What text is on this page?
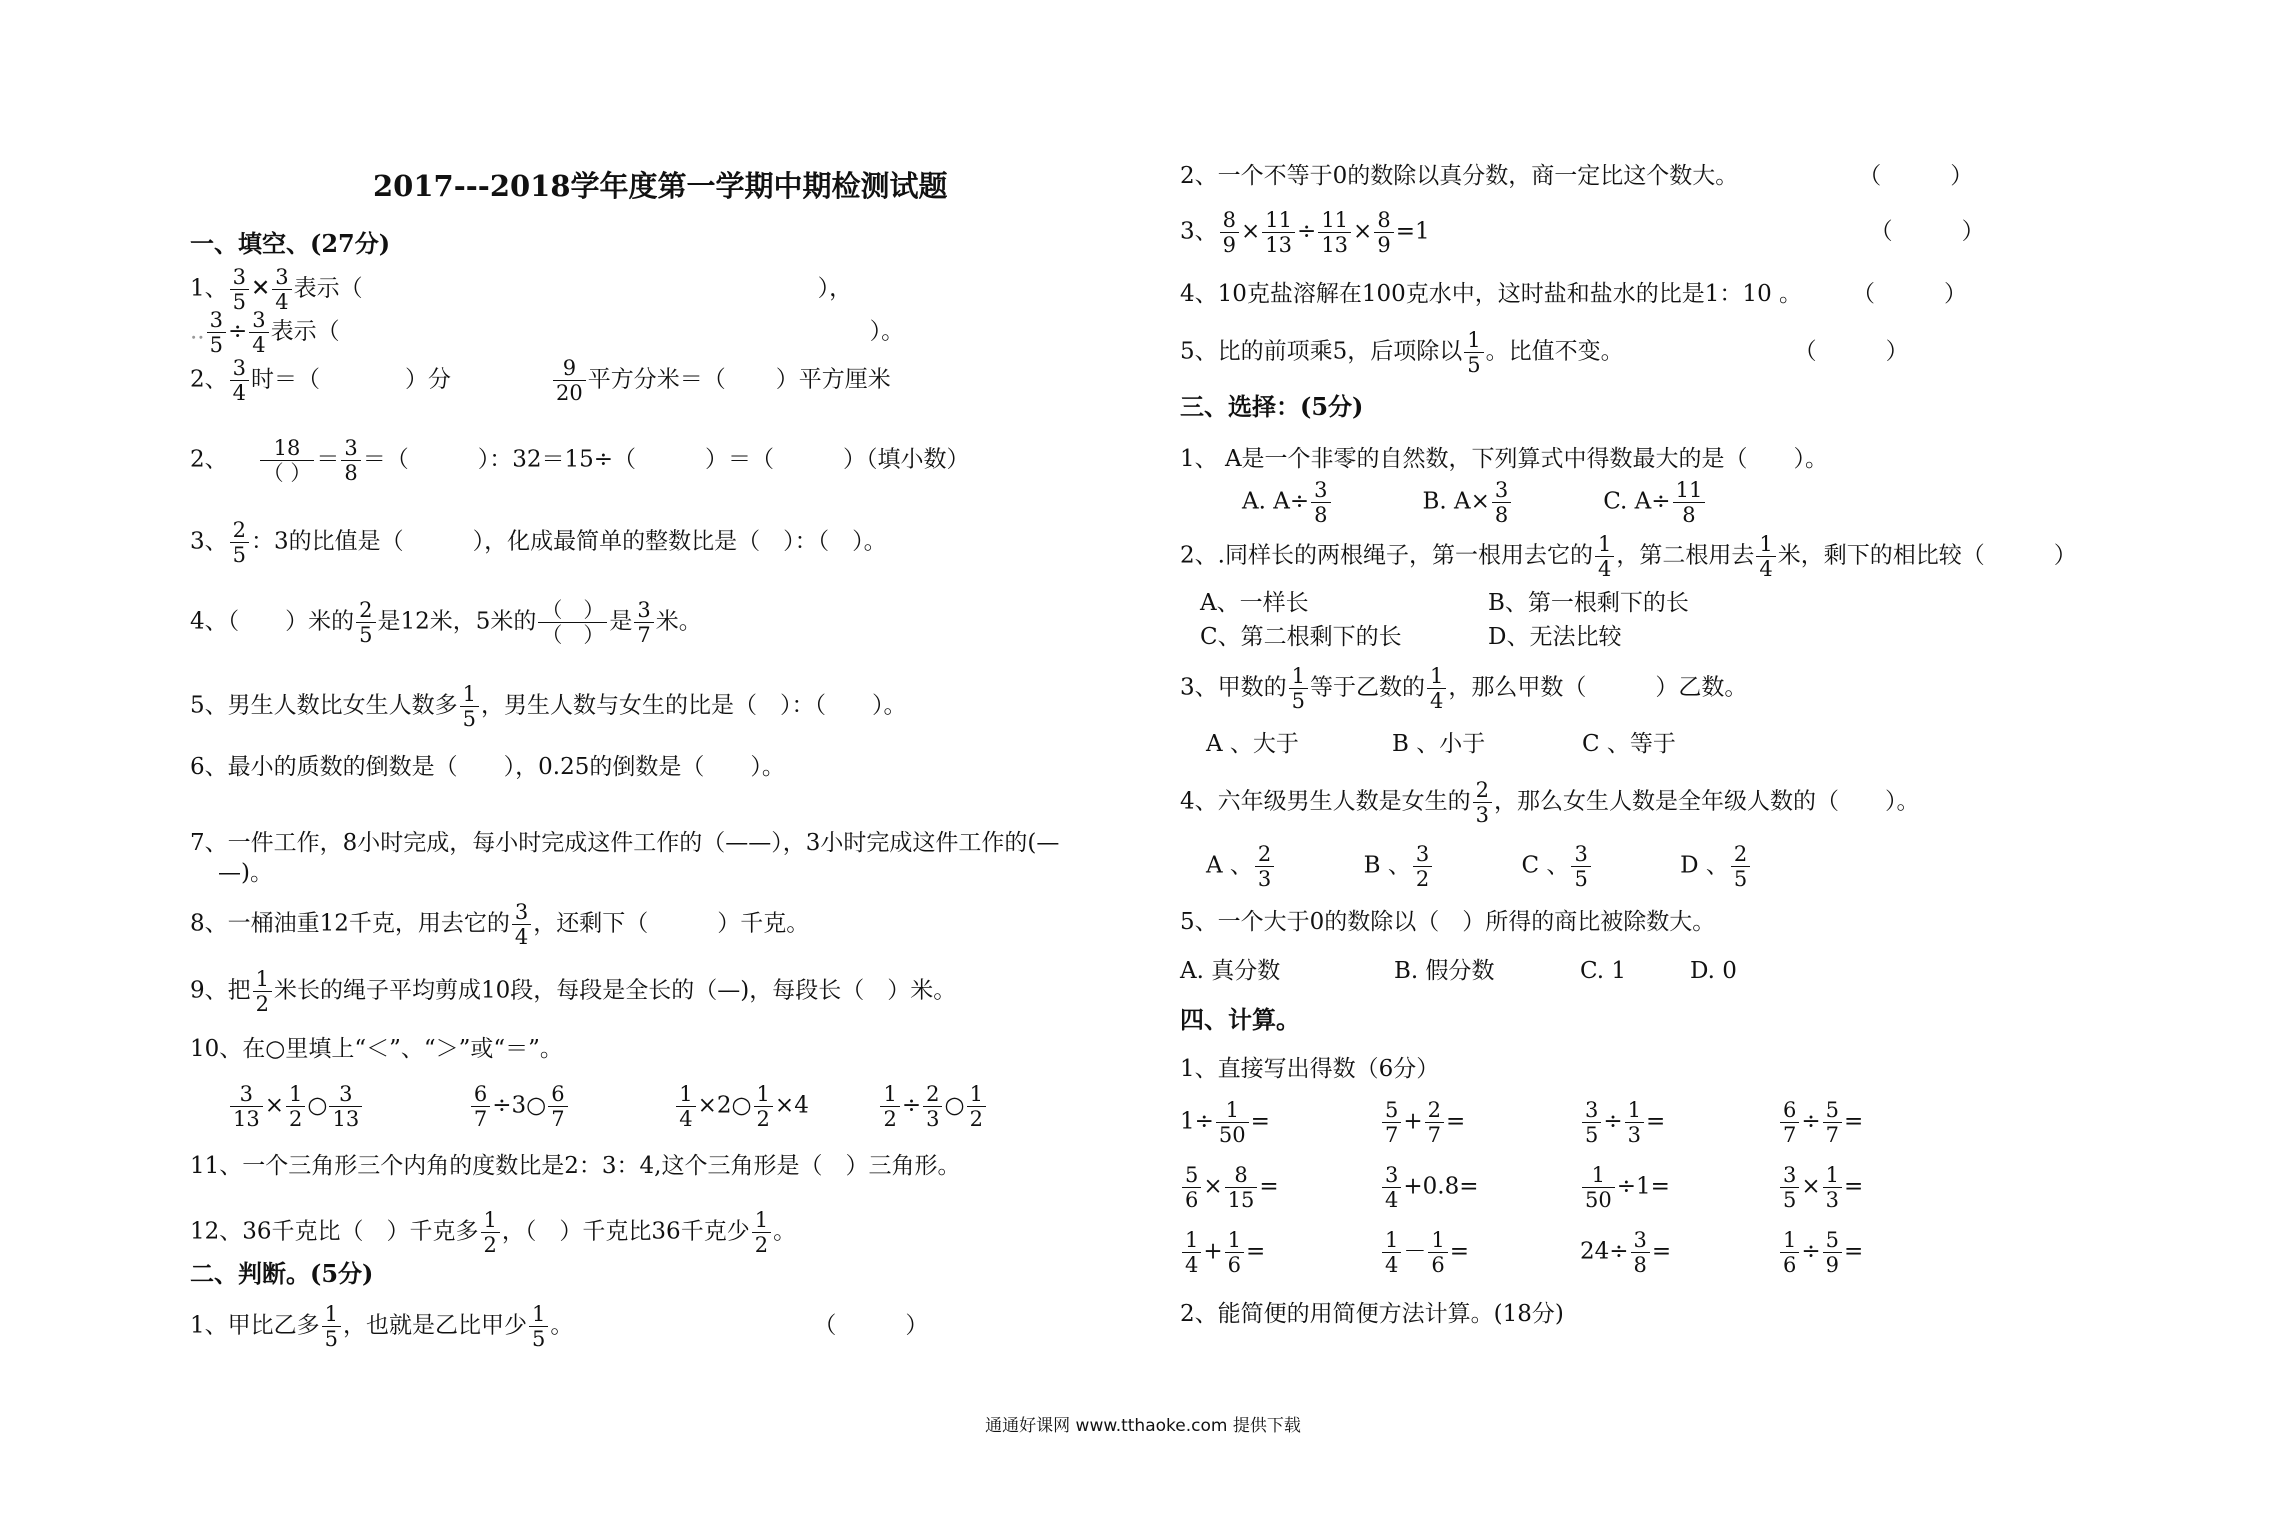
2017---2018学年度第一学期中期检测试题
一、填空、(27分)
1、 $\frac{3}{5}$ ✕ $\frac{3}{4}$ 表示（	），
.. $\frac{3}{5} \div \frac{3}{4}$ 表示（	）。
2、 $\frac{3}{4}$ 时＝（	）分	$\frac{9}{20}$ 平方分米＝（ ）平方厘米
2、 $\frac{18}{( )} = \frac{3}{8}$ ＝（　　　）：32＝15÷（　　　）＝（　　　）（填小数）
3、 $\frac{2}{5}$ ：3的比值是（　　　），化成最简单的整数比是（　）：（　）。
4、（　　）米的 $\frac{2}{5}$ 是12米，5米的 $\frac{( )}{( )}$ 是 $\frac{3}{7}$ 米。
5、男生人数比女生人数多 $\frac{1}{5}$ ，男生人数与女生的比是（　）：（　　）。
6、最小的质数的倒数是（　　），0.25的倒数是（　　）。
7、一件工作，8小时完成，每小时完成这件工作的（——），3小时完成这件工作的(—
—)。
8、一桶油重12千克，用去它的 $\frac{3}{4}$ ，还剩下（　　　）千克。
9、把 $\frac{1}{2}$ 米长的绳子平均剪成10段，每段是全长的（—)，每段长（　）米。
10、在○里填上“＜”、“＞”或“＝”。
$\frac{3}{13} \times \frac{1}{2}$ ○ $\frac{3}{13}$
	$\frac{6}{7}$ ÷3○ $\frac{6}{7}$
	$\frac{1}{4}$ ×2○ $\frac{1}{2} \times 4$	$\frac{1}{2} \div \frac{2}{3}$ ○ $\frac{1}{2}$
11、一个三角形三个内角的度数比是2：3：4,这个三角形是（　）三角形。
12、36千克比（　）千克多 $\frac{1}{2}$ ，（　）千克比36千克少 $\frac{1}{2}$ 。
二、判断。(5分)
1、甲比乙多 $\frac{1}{5}$ ，也就是乙比甲少 $\frac{1}{5}$ 。	（　　　）
2、一个不等于0的数除以真分数，商一定比这个数大。	（　　　）
3、 $\frac{8}{9} \times \frac{11}{13} \div \frac{11}{13} \times \frac{8}{9} =1$	（　　　）
4、10克盐溶解在100克水中，这时盐和盐水的比是1：10 。 （　　　）
5、比的前项乘5，后项除以 $\frac{1}{5}$ 。比值不变。	（　　　）
三、选择：(5分)
1、 A是一个非零的自然数，下列算式中得数最大的是（　　）。
A. $A\div \frac{3}{8}$	B. $A\times \frac{3}{8}$	C. $A\div \frac{11}{8}$
2、.同样长的两根绳子，第一根用去它的 $\frac{1}{4}$ ，第二根用去 $\frac{1}{4}$ 米，剩下的相比较（　　　）
A、一样长	B、第一根剩下的长
C、第二根剩下的长	D、无法比较
3、甲数的 $\frac{1}{5}$ 等于乙数的 $\frac{1}{4}$ ，那么甲数（　　　）乙数。
A 、大于	B 、小于	C 、等于
4、六年级男生人数是女生的 $\frac{2}{3}$ ，那么女生人数是全年级人数的（　　）。
A 、 $\frac{2}{3}$	B 、 $\frac{3}{2}$	C 、 $\frac{3}{5}$	D 、 $\frac{2}{5}$
5、一个大于0的数除以（　）所得的商比被除数大。
A. 真分数	B. 假分数	C. 1	D. 0
四、计算。
1、直接写出得数（6分）
$1\div \frac{1}{50}$ =	$\frac{5}{7} + \frac{2}{7}$ =	$\frac{3}{5} \div \frac{1}{3}$ =	$\frac{6}{7} \div \frac{5}{7}$ =
$\frac{5}{6} \times \frac{8}{15}$ =	$\frac{3}{4} +0.8=$	$\frac{1}{50} \div 1=$	$\frac{3}{5} \times \frac{1}{3}$ =
$\frac{1}{4} + \frac{1}{6}$ =	$\frac{1}{4} - \frac{1}{6}$ =	$24\div \frac{3}{8}$ =	$\frac{1}{6} \div \frac{5}{9}$ =
2、能简便的用简便方法计算。(18分)
通通好课网 www.tthaoke.com 提供下载
